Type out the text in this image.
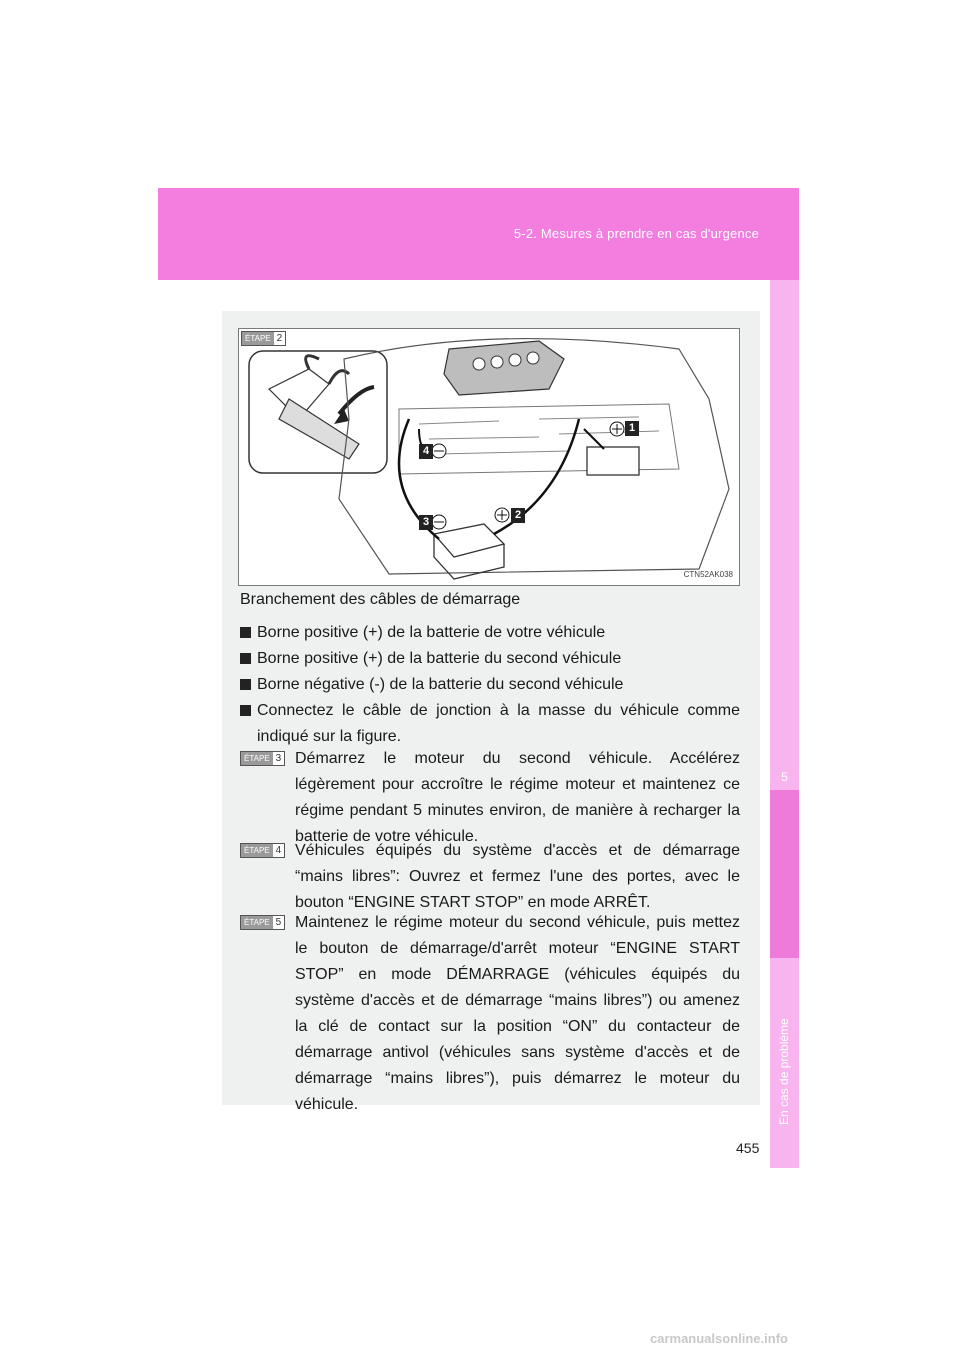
5-2. Mesures à prendre en cas d'urgence
5
En cas de problème
ÉTAPE 2
1
2
3
4
CTN52AK038
Branchement des câbles de démarrage
Borne positive (+) de la batterie de votre véhicule
Borne positive (+) de la batterie du second véhicule
Borne négative (-) de la batterie du second véhicule
Connectez le câble de jonction à la masse du véhicule comme indiqué sur la figure.
ÉTAPE 3 Démarrez le moteur du second véhicule. Accélérez légèrement pour accroître le régime moteur et maintenez ce régime pendant 5 minutes environ, de manière à recharger la batterie de votre véhicule.
ÉTAPE 4 Véhicules équipés du système d'accès et de démarrage “mains libres”: Ouvrez et fermez l'une des portes, avec le bouton “ENGINE START STOP” en mode ARRÊT.
ÉTAPE 5 Maintenez le régime moteur du second véhicule, puis mettez le bouton de démarrage/d'arrêt moteur “ENGINE START STOP” en mode DÉMARRAGE (véhicules équipés du système d'accès et de démarrage “mains libres”) ou amenez la clé de contact sur la position “ON” du contacteur de démarrage antivol (véhicules sans système d'accès et de démarrage “mains libres”), puis démarrez le moteur du véhicule.
455
carmanualsonline.info
